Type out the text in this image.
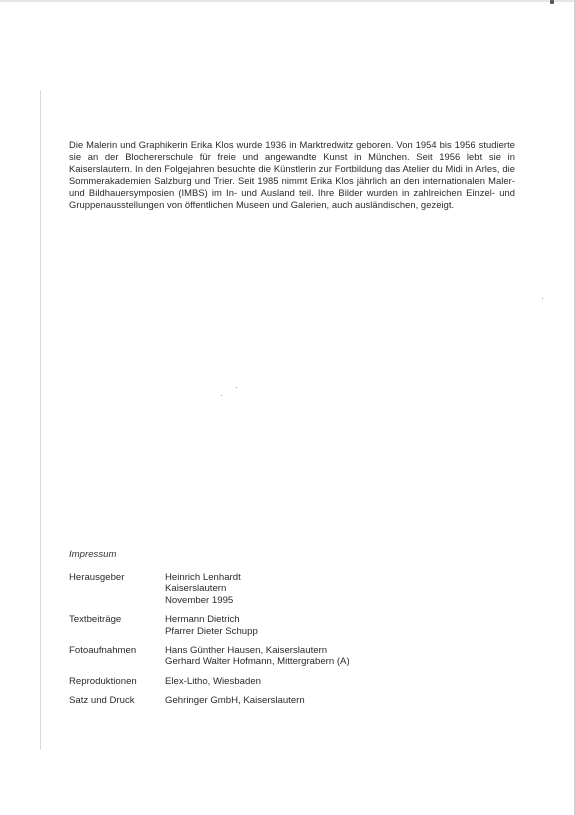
Die Malerin und Graphikerin Erika Klos wurde 1936 in Marktredwitz geboren. Von 1954 bis 1956 studierte sie an der Blochererschule für freie und angewandte Kunst in München. Seit 1956 lebt sie in Kaiserslautern. In den Folgejahren besuchte die Künstlerin zur Fortbildung das Atelier du Midi in Arles, die Sommerakademien Salzburg und Trier. Seit 1985 nimmt Erika Klos jährlich an den internationalen Maler- und Bildhauersymposien (IMBS) im In- und Ausland teil. Ihre Bilder wurden in zahlreichen Einzel- und Gruppenausstellungen von öffentlichen Museen und Galerien, auch ausländischen, gezeigt.

Impressum
Herausgeber	Heinrich Lenhardt
Kaiserslautern
November 1995

Textbeiträge	Hermann Dietrich
Pfarrer Dieter Schupp

Fotoaufnahmen	Hans Günther Hausen, Kaiserslautern
Gerhard Walter Hofmann, Mittergrabern (A)

Reproduktionen	Elex-Litho, Wiesbaden

Satz und Druck	Gehringer GmbH, Kaiserslautern
